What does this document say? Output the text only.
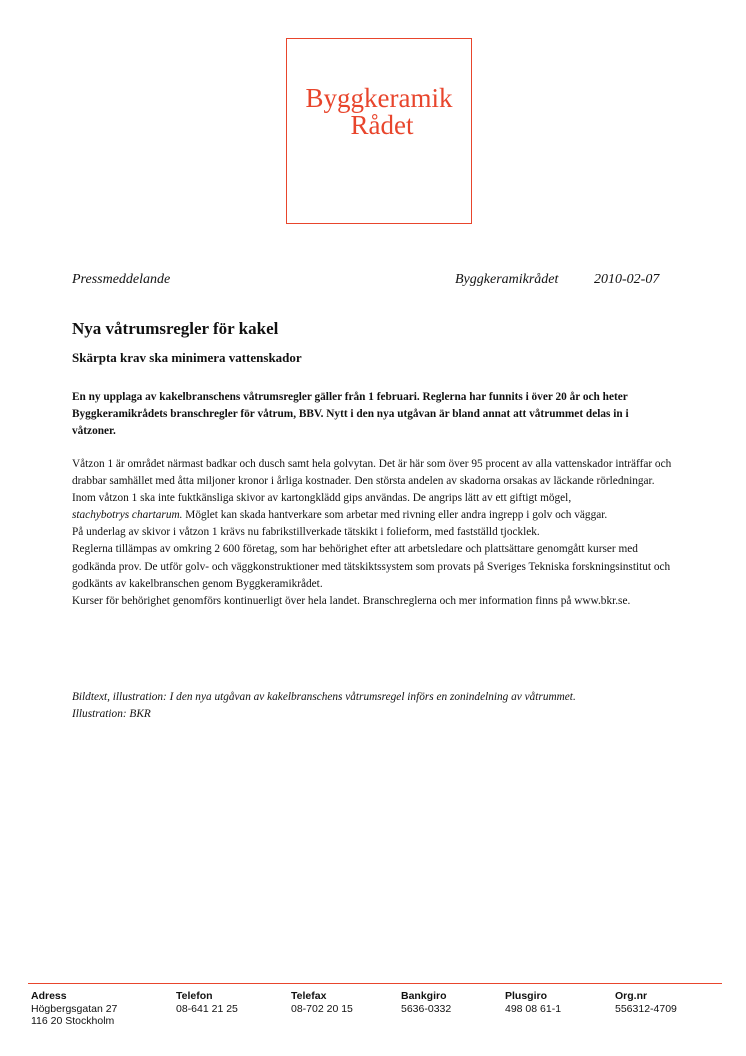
Byggkeramik
Rådet
Pressmeddelande	Byggkeramikrådet	2010-02-07
Nya våtrumsregler för kakel
Skärpta krav ska minimera vattenskador
En ny upplaga av kakelbranschens våtrumsregler gäller från 1 februari. Reglerna har funnits i över 20 år och heter Byggkeramikrådets branschregler för våtrum, BBV. Nytt i den nya utgåvan är bland annat att våtrummet delas in i våtzoner.

Våtzon 1 är området närmast badkar och dusch samt hela golvytan. Det är här som över 95 procent av alla vattenskador inträffar och drabbar samhället med åtta miljoner kronor i årliga kostnader. Den största andelen av skadorna orsakas av läckande rörledningar.

Inom våtzon 1 ska inte fuktkänsliga skivor av kartongklädd gips användas. De angrips lätt av ett giftigt mögel,
stachybotrys chartarum. Möglet kan skada hantverkare som arbetar med rivning eller andra ingrepp i golv och väggar.

På underlag av skivor i våtzon 1 krävs nu fabrikstillverkade tätskikt i folieform, med fastställd tjocklek.

Reglerna tillämpas av omkring 2 600 företag, som har behörighet efter att arbetsledare och plattsättare genomgått kurser med godkända prov. De utför golv- och väggkonstruktioner med tätskiktssystem som provats på Sveriges Tekniska forskningsinstitut och godkänts av kakelbranschen genom Byggkeramikrådet.

Kurser för behörighet genomförs kontinuerligt över hela landet. Branschreglerna och mer information finns på www.bkr.se.

Bildtext, illustration: I den nya utgåvan av kakelbranschens våtrumsregel införs en zonindelning av våtrummet.
Illustration: BKR
Adress
Högbergsgatan 27
116 20 Stockholm
Telefon
08-641 21 25
Telefax
08-702 20 15
Bankgiro
5636-0332
Plusgiro
498 08 61-1
Org.nr
556312-4709
